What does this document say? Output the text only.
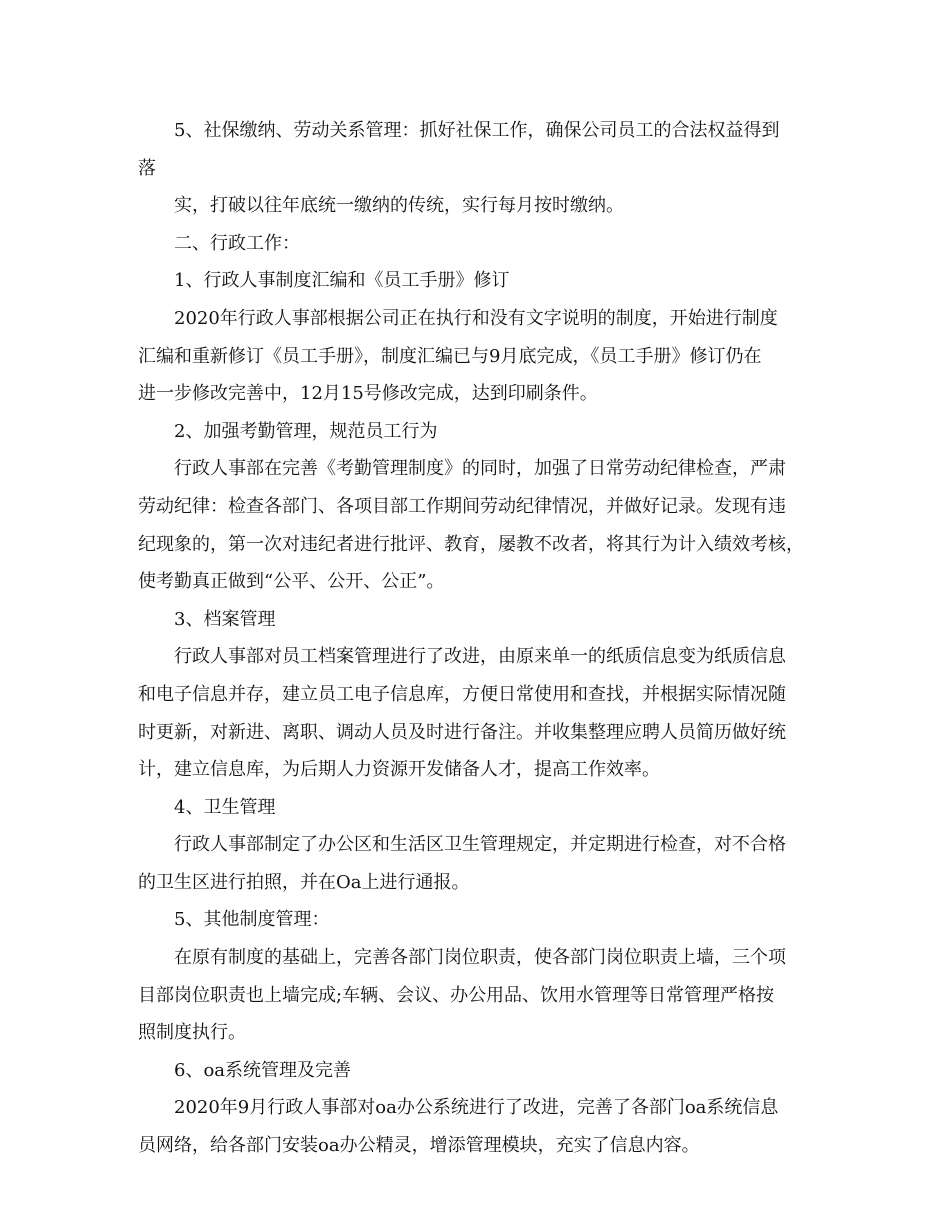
5、社保缴纳、劳动关系管理：抓好社保工作，确保公司员工的合法权益得到
落
实，打破以往年底统一缴纳的传统，实行每月按时缴纳。
二、行政工作：
1、行政人事制度汇编和《员工手册》修订
2020年行政人事部根据公司正在执行和没有文字说明的制度，开始进行制度
汇编和重新修订《员工手册》，制度汇编已与9月底完成，《员工手册》修订仍在
进一步修改完善中，12月15号修改完成，达到印刷条件。
2、加强考勤管理，规范员工行为
行政人事部在完善《考勤管理制度》的同时，加强了日常劳动纪律检查，严肃
劳动纪律：检查各部门、各项目部工作期间劳动纪律情况，并做好记录。发现有违
纪现象的，第一次对违纪者进行批评、教育，屡教不改者，将其行为计入绩效考核，
使考勤真正做到“公平、公开、公正”。
3、档案管理
行政人事部对员工档案管理进行了改进，由原来单一的纸质信息变为纸质信息
和电子信息并存，建立员工电子信息库，方便日常使用和查找，并根据实际情况随
时更新，对新进、离职、调动人员及时进行备注。并收集整理应聘人员简历做好统
计，建立信息库，为后期人力资源开发储备人才，提高工作效率。
4、卫生管理
行政人事部制定了办公区和生活区卫生管理规定，并定期进行检查，对不合格
的卫生区进行拍照，并在Oa上进行通报。
5、其他制度管理：
在原有制度的基础上，完善各部门岗位职责，使各部门岗位职责上墙，三个项
目部岗位职责也上墙完成;车辆、会议、办公用品、饮用水管理等日常管理严格按
照制度执行。
6、oa系统管理及完善
2020年9月行政人事部对oa办公系统进行了改进，完善了各部门oa系统信息
员网络，给各部门安装oa办公精灵，增添管理模块，充实了信息内容。
